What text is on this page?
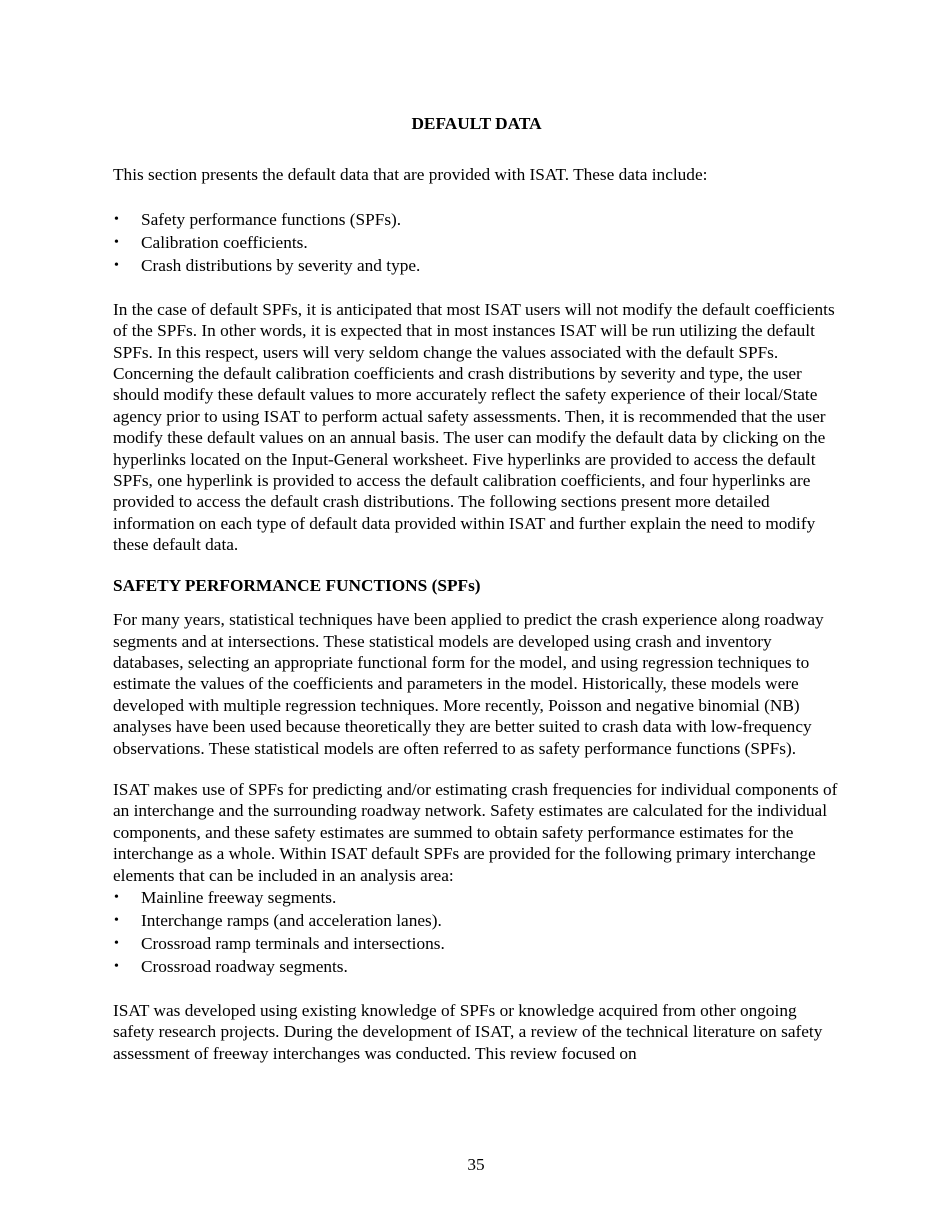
DEFAULT DATA

This section presents the default data that are provided with ISAT. These data include:

• Safety performance functions (SPFs).
• Calibration coefficients.
• Crash distributions by severity and type.

In the case of default SPFs, it is anticipated that most ISAT users will not modify the default coefficients of the SPFs. In other words, it is expected that in most instances ISAT will be run utilizing the default SPFs. In this respect, users will very seldom change the values associated with the default SPFs. Concerning the default calibration coefficients and crash distributions by severity and type, the user should modify these default values to more accurately reflect the safety experience of their local/State agency prior to using ISAT to perform actual safety assessments. Then, it is recommended that the user modify these default values on an annual basis. The user can modify the default data by clicking on the hyperlinks located on the Input-General worksheet. Five hyperlinks are provided to access the default SPFs, one hyperlink is provided to access the default calibration coefficients, and four hyperlinks are provided to access the default crash distributions. The following sections present more detailed information on each type of default data provided within ISAT and further explain the need to modify these default data.

SAFETY PERFORMANCE FUNCTIONS (SPFs)

For many years, statistical techniques have been applied to predict the crash experience along roadway segments and at intersections. These statistical models are developed using crash and inventory databases, selecting an appropriate functional form for the model, and using regression techniques to estimate the values of the coefficients and parameters in the model. Historically, these models were developed with multiple regression techniques. More recently, Poisson and negative binomial (NB) analyses have been used because theoretically they are better suited to crash data with low-frequency observations. These statistical models are often referred to as safety performance functions (SPFs).

ISAT makes use of SPFs for predicting and/or estimating crash frequencies for individual components of an interchange and the surrounding roadway network. Safety estimates are calculated for the individual components, and these safety estimates are summed to obtain safety performance estimates for the interchange as a whole. Within ISAT default SPFs are provided for the following primary interchange elements that can be included in an analysis area:

• Mainline freeway segments.
• Interchange ramps (and acceleration lanes).
• Crossroad ramp terminals and intersections.
• Crossroad roadway segments.

ISAT was developed using existing knowledge of SPFs or knowledge acquired from other ongoing safety research projects. During the development of ISAT, a review of the technical literature on safety assessment of freeway interchanges was conducted. This review focused on

35
